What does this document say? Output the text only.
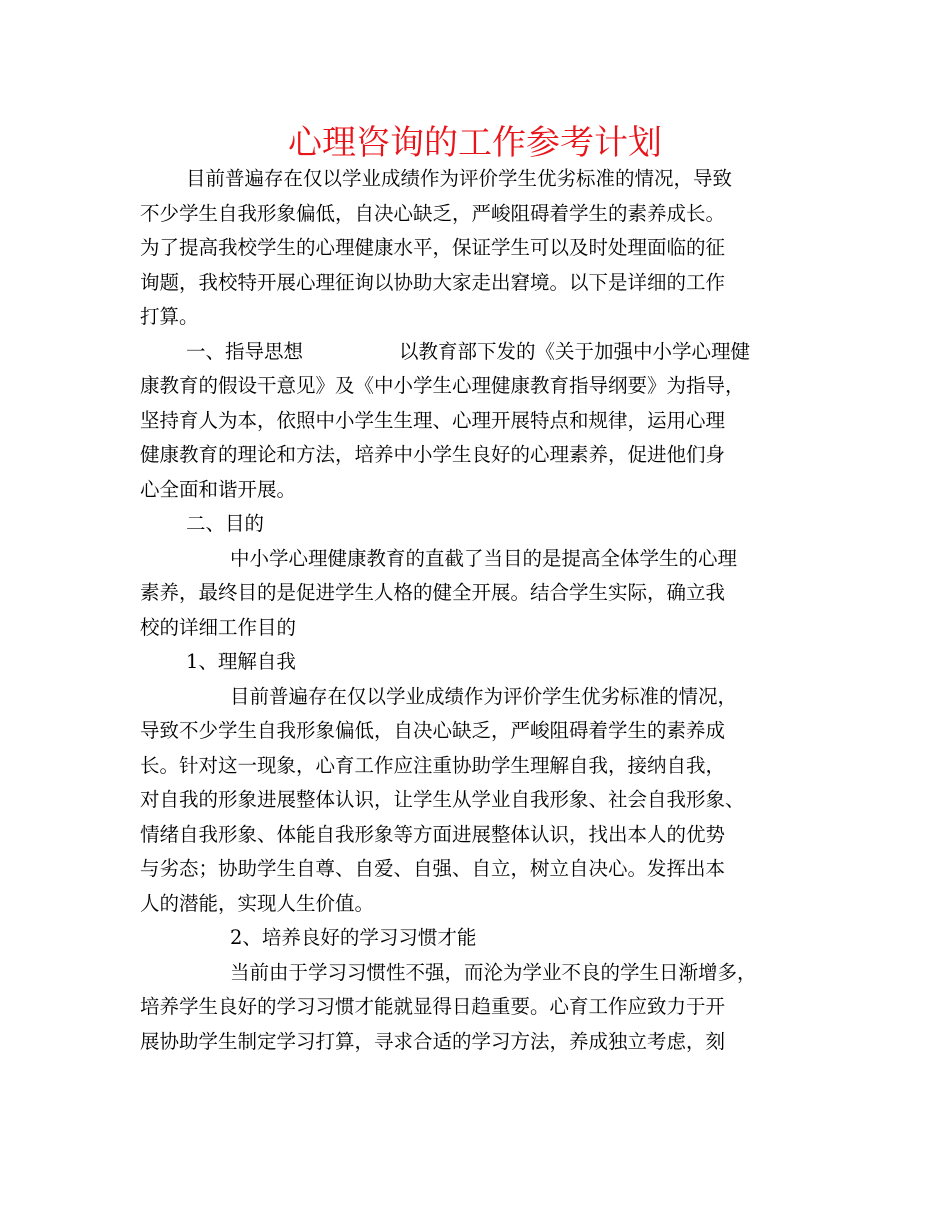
心理咨询的工作参考计划
目前普遍存在仅以学业成绩作为评价学生优劣标准的情况，导致
不少学生自我形象偏低，自决心缺乏，严峻阻碍着学生的素养成长。
为了提高我校学生的心理健康水平，保证学生可以及时处理面临的征
询题，我校特开展心理征询以协助大家走出窘境。以下是详细的工作
打算。
一、指导思想	以教育部下发的《关于加强中小学心理健
康教育的假设干意见》及《中小学生心理健康教育指导纲要》为指导，
坚持育人为本，依照中小学生生理、心理开展特点和规律，运用心理
健康教育的理论和方法，培养中小学生良好的心理素养，促进他们身
心全面和谐开展。
二、目的
中小学心理健康教育的直截了当目的是提高全体学生的心理
素养，最终目的是促进学生人格的健全开展。结合学生实际，确立我
校的详细工作目的
1、理解自我
目前普遍存在仅以学业成绩作为评价学生优劣标准的情况，
导致不少学生自我形象偏低，自决心缺乏，严峻阻碍着学生的素养成
长。针对这一现象，心育工作应注重协助学生理解自我，接纳自我，
对自我的形象进展整体认识，让学生从学业自我形象、社会自我形象、
情绪自我形象、体能自我形象等方面进展整体认识，找出本人的优势
与劣态；协助学生自尊、自爱、自强、自立，树立自决心。发挥出本
人的潜能，实现人生价值。
2、培养良好的学习习惯才能
当前由于学习习惯性不强，而沦为学业不良的学生日渐增多，
培养学生良好的学习习惯才能就显得日趋重要。心育工作应致力于开
展协助学生制定学习打算，寻求合适的学习方法，养成独立考虑，刻
